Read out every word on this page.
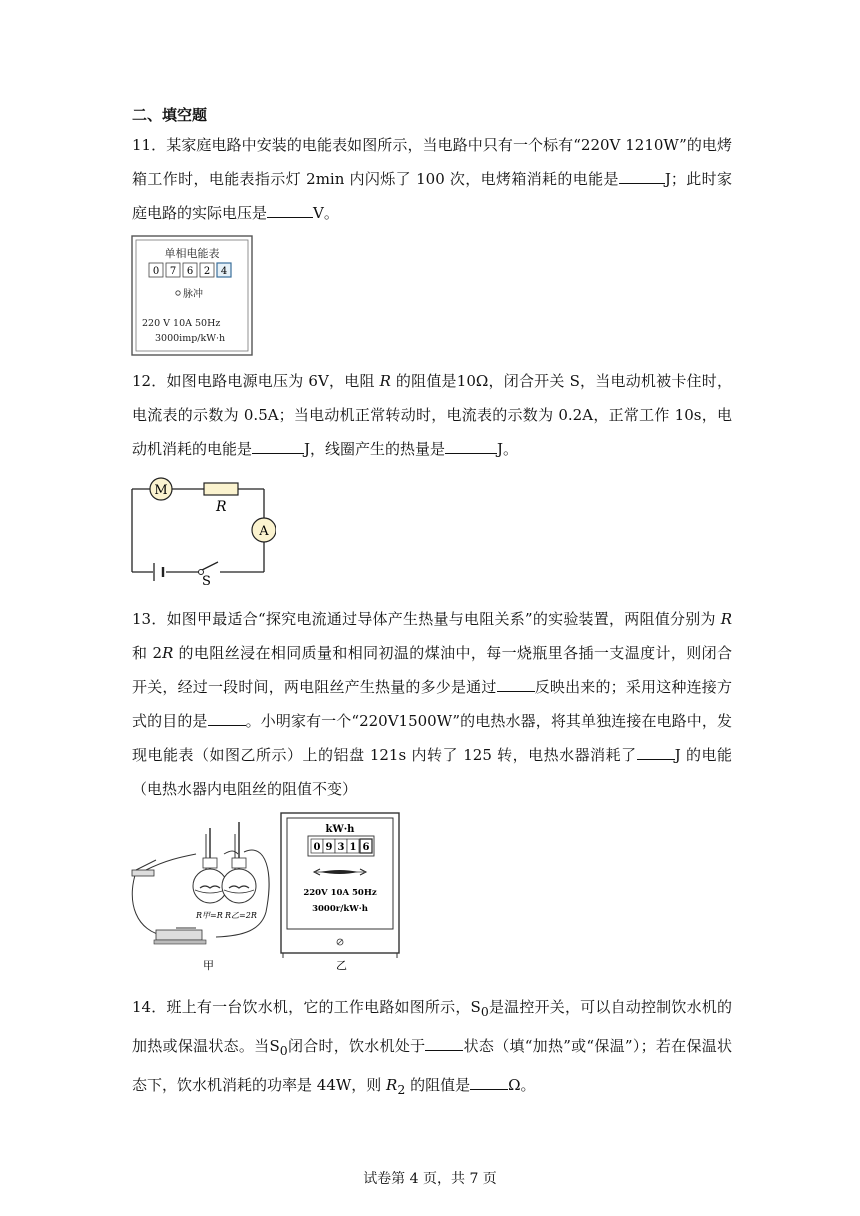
二、填空题
11．某家庭电路中安装的电能表如图所示，当电路中只有一个标有“220V 1210W”的电烤箱工作时，电能表指示灯 2min 内闪烁了 100 次，电烤箱消耗的电能是	J；此时家庭电路的实际电压是	V。
单相电能表
0 7 6 2 4
脉冲
220 V 10A 50Hz
3000imp/kW·h
12．如图电路电源电压为 6V，电阻 R 的阻值是10Ω，闭合开关 S，当电动机被卡住时，电流表的示数为 0.5A；当电动机正常转动时，电流表的示数为 0.2A，正常工作 10s，电动机消耗的电能是	J，线圈产生的热量是	J。
M
R
A
S
13．如图甲最适合“探究电流通过导体产生热量与电阻关系”的实验装置，两阻值分别为 R 和 2R 的电阻丝浸在相同质量和相同初温的煤油中，每一烧瓶里各插一支温度计，则闭合开关，经过一段时间，两电阻丝产生热量的多少是通过	反映出来的；采用这种连接方式的目的是	。小明家有一个“220V1500W”的电热水器，将其单独连接在电路中，发现电能表（如图乙所示）上的铝盘 121s 内转了 125 转，电热水器消耗了	J 的电能（电热水器内电阻丝的阻值不变）
R甲=R R乙=2R
甲
kW·h
0 9 3 1 6
220V 10A 50Hz
3000r/kW·h
乙
14．班上有一台饮水机，它的工作电路如图所示，$S_0$是温控开关，可以自动控制饮水机的加热或保温状态。当$S_0$闭合时，饮水机处于	状态（填“加热”或“保温”）；若在保温状态下，饮水机消耗的功率是 44W，则 $R_2$ 的阻值是	Ω。
试卷第 4 页，共 7 页
